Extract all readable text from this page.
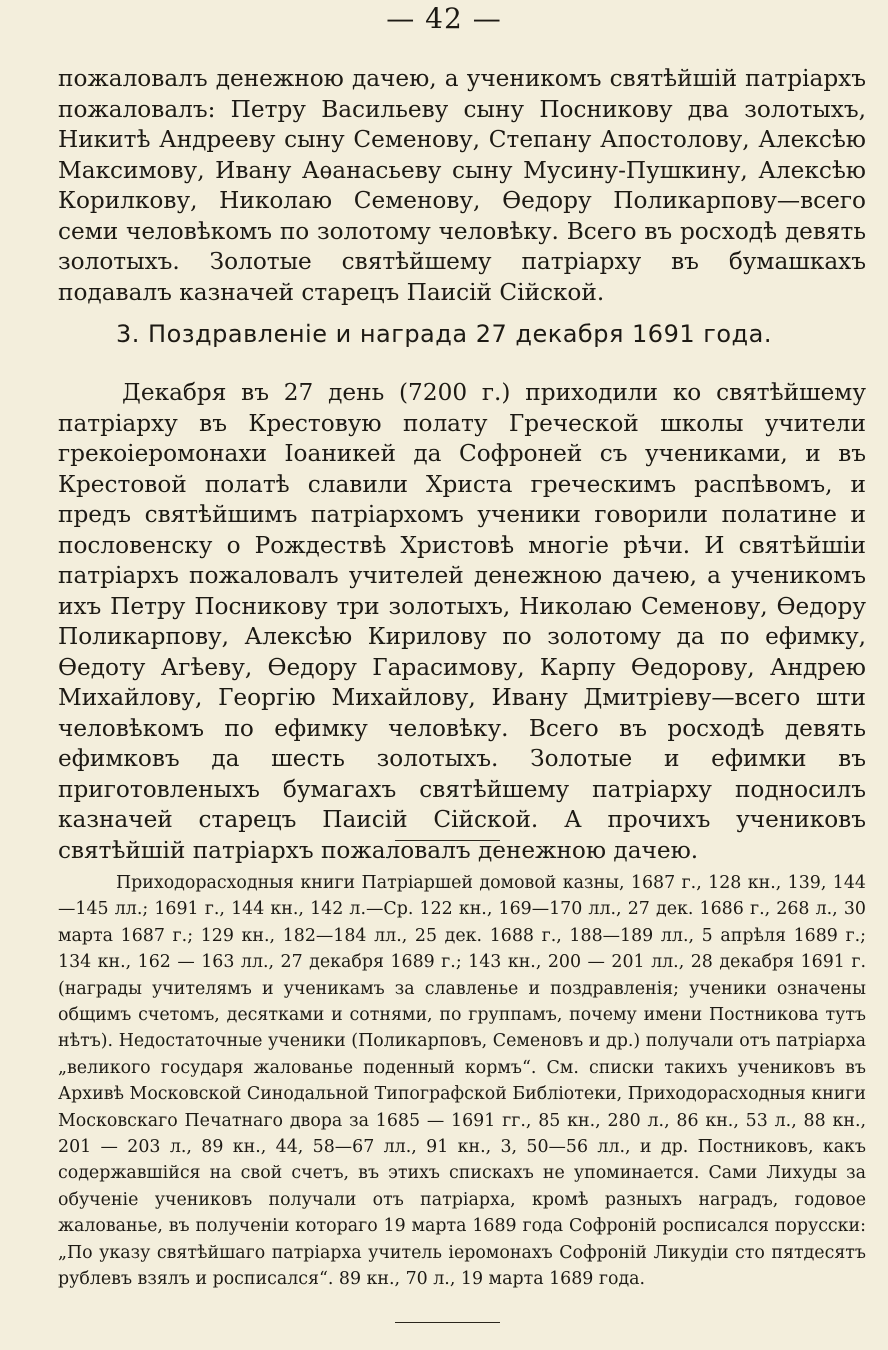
— 42 —

пожаловалъ денежною дачею, а ученикомъ святѣйшій патріархъ пожаловалъ: Петру Васильеву сыну Посникову два золотыхъ, Никитѣ Андрееву сыну Семенову, Степану Апостолову, Алексѣю Максимову, Ивану Аѳанасьеву сыну Мусину-Пушкину, Алексѣю Корилкову, Николаю Семенову, Ѳедору Поликарпову—всего семи человѣкомъ по золотому человѣку. Всего въ росходѣ девять золотыхъ. Золотые святѣйшему патріарху въ бумашкахъ подавалъ казначей старецъ Паисій Сійской.

3. Поздравленіе и награда 27 декабря 1691 года.

Декабря въ 27 день (7200 г.) приходили ко святѣйшему патріарху въ Крестовую полату Греческой школы учители грекоіеромонахи Іоаникей да Софроней съ учениками, и въ Крестовой полатѣ славили Христа греческимъ распѣвомъ, и предъ святѣйшимъ патріархомъ ученики говорили полатине и пословенску о Рождествѣ Христовѣ многіе рѣчи. И святѣйшіи патріархъ пожаловалъ учителей денежною дачею, а ученикомъ ихъ Петру Посникову три золотыхъ, Николаю Семенову, Ѳедору Поликарпову, Алексѣю Кирилову по золотому да по ефимку, Ѳедоту Агѣеву, Ѳедору Гарасимову, Карпу Ѳедорову, Андрею Михайлову, Георгію Михайлову, Ивану Дмитріеву—всего шти человѣкомъ по ефимку человѣку. Всего въ росходѣ девять ефимковъ да шесть золотыхъ. Золотые и ефимки въ приготовленыхъ бумагахъ святѣйшему патріарху подносилъ казначей старецъ Паисій Сійской. А прочихъ учениковъ святѣйшій патріархъ пожаловалъ денежною дачею.

Приходорасходныя книги Патріаршей домовой казны, 1687 г., 128 кн., 139, 144—145 лл.; 1691 г., 144 кн., 142 л.—Ср. 122 кн., 169—170 лл., 27 дек. 1686 г., 268 л., 30 марта 1687 г.; 129 кн., 182—184 лл., 25 дек. 1688 г., 188—189 лл., 5 апрѣля 1689 г.; 134 кн., 162 — 163 лл., 27 декабря 1689 г.; 143 кн., 200 — 201 лл., 28 декабря 1691 г. (награды учителямъ и ученикамъ за славленье и поздравленія; ученики означены общимъ счетомъ, десятками и сотнями, по группамъ, почему имени Постникова тутъ нѣтъ). Недостаточные ученики (Поликарповъ, Семеновъ и др.) получали отъ патріарха „великого государя жалованье поденный кормъ“. См. списки такихъ учениковъ въ Архивѣ Московской Синодальной Типографской Библіотеки, Приходорасходныя книги Московскаго Печатнаго двора за 1685 — 1691 гг., 85 кн., 280 л., 86 кн., 53 л., 88 кн., 201 — 203 л., 89 кн., 44, 58—67 лл., 91 кн., 3, 50—56 лл., и др. Постниковъ, какъ содержавшійся на свой счетъ, въ этихъ спискахъ не упоминается. Сами Лихуды за обученіе учениковъ получали отъ патріарха, кромѣ разныхъ наградъ, годовое жалованье, въ полученіи котораго 19 марта 1689 года Софроній росписался порусски: „По указу святѣйшаго патріарха учитель іеромонахъ Софроній Ликудіи сто пятдесятъ рублевъ взялъ и росписался“. 89 кн., 70 л., 19 марта 1689 года.
